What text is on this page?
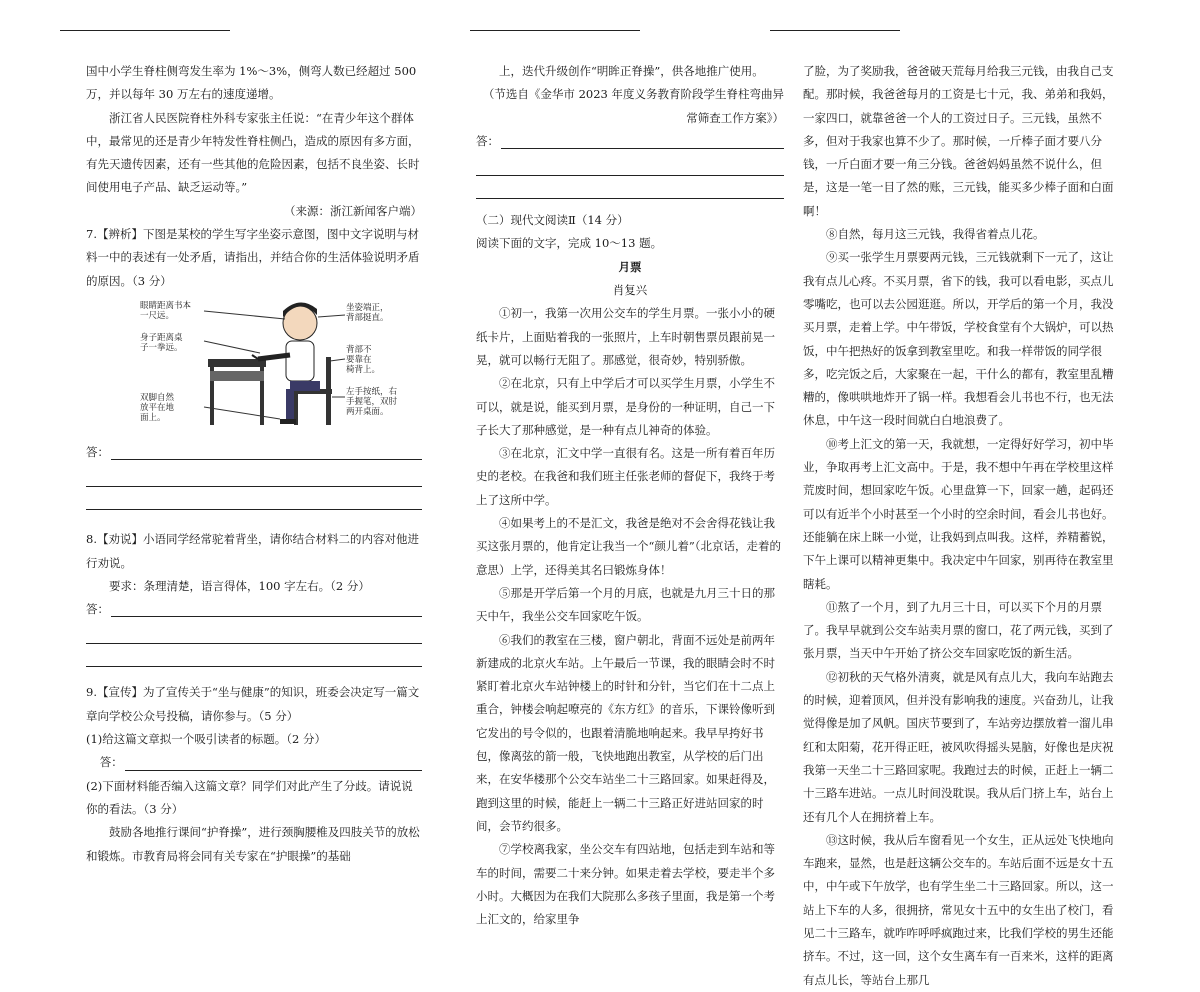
国中小学生脊柱侧弯发生率为 1%～3%，侧弯人数已经超过 500 万，并以每年 30 万左右的速度递增。

浙江省人民医院脊柱外科专家张主任说：“在青少年这个群体中，最常见的还是青少年特发性脊柱侧凸，造成的原因有多方面，有先天遗传因素，还有一些其他的危险因素，包括不良坐姿、长时间使用电子产品、缺乏运动等。”

（来源：浙江新闻客户端）

7.【辨析】下图是某校的学生写字坐姿示意图，图中文字说明与材料一中的表述有一处矛盾，请指出，并结合你的生活体验说明矛盾的原因。（3 分）

眼睛距离书本
一尺远。
身子距离桌
子一拳远。
双脚自然
放平在地
面上。
坐姿端正，
背部挺直。
背部不
要靠在
椅背上。
左手按纸，右
手握笔，双肘
两开桌面。
答：

8.【劝说】小语同学经常驼着背坐，请你结合材料二的内容对他进行劝说。

要求：条理清楚，语言得体，100 字左右。（2 分）

答：

9.【宣传】为了宣传关于“坐与健康”的知识，班委会决定写一篇文章向学校公众号投稿，请你参与。（5 分）

(1)给这篇文章拟一个吸引读者的标题。（2 分）

答：

(2)下面材料能否编入这篇文章？同学们对此产生了分歧。请说说你的看法。（3 分）

鼓励各地推行课间“护脊操”，进行颈胸腰椎及四肢关节的放松和锻炼。市教育局将会同有关专家在“护眼操”的基础

上，迭代升级创作“明眸正脊操”，供各地推广使用。

（节选自《金华市 2023 年度义务教育阶段学生脊柱弯曲异常筛查工作方案》）

答：

（二）现代文阅读Ⅱ（14 分）

阅读下面的文字，完成 10～13 题。

月票

肖复兴

①初一，我第一次用公交车的学生月票。一张小小的硬纸卡片，上面贴着我的一张照片，上车时朝售票员跟前晃一晃，就可以畅行无阻了。那感觉，很奇妙，特别骄傲。

②在北京，只有上中学后才可以买学生月票，小学生不可以，就是说，能买到月票，是身份的一种证明，自己一下子长大了那种感觉，是一种有点儿神奇的体验。

③在北京，汇文中学一直很有名。这是一所有着百年历史的老校。在我爸和我们班主任张老师的督促下，我终于考上了这所中学。

④如果考上的不是汇文，我爸是绝对不会舍得花钱让我买这张月票的，他肯定让我当一个“颜儿着”（北京话，走着的意思）上学，还得美其名曰锻炼身体！

⑤那是开学后第一个月的月底，也就是九月三十日的那天中午，我坐公交车回家吃午饭。

⑥我们的教室在三楼，窗户朝北，背面不远处是前两年新建成的北京火车站。上午最后一节课，我的眼睛会时不时紧盯着北京火车站钟楼上的时针和分针，当它们在十二点上重合，钟楼会响起嘹亮的《东方红》的音乐，下课铃像听到它发出的号令似的，也跟着清脆地响起来。我早早挎好书包，像离弦的箭一般，飞快地跑出教室，从学校的后门出来，在安华楼那个公交车站坐二十三路回家。如果赶得及，跑到这里的时候，能赶上一辆二十三路正好进站回家的时间，会节约很多。

⑦学校离我家，坐公交车有四站地，包括走到车站和等车的时间，需要二十来分钟。如果走着去学校，要走半个多小时。大概因为在我们大院那么多孩子里面，我是第一个考上汇文的，给家里争

了脸，为了奖励我，爸爸破天荒每月给我三元钱，由我自己支配。那时候，我爸爸每月的工资是七十元，我、弟弟和我妈，一家四口，就靠爸爸一个人的工资过日子。三元钱，虽然不多，但对于我家也算不少了。那时候，一斤棒子面才要八分钱，一斤白面才要一角三分钱。爸爸妈妈虽然不说什么，但是，这是一笔一目了然的账，三元钱，能买多少棒子面和白面啊！

⑧自然，每月这三元钱，我得省着点儿花。

⑨买一张学生月票要两元钱，三元钱就剩下一元了，这让我有点儿心疼。不买月票，省下的钱，我可以看电影，买点儿零嘴吃，也可以去公园逛逛。所以，开学后的第一个月，我没买月票，走着上学。中午带饭，学校食堂有个大锅炉，可以热饭，中午把热好的饭拿到教室里吃。和我一样带饭的同学很多，吃完饭之后，大家聚在一起，干什么的都有，教室里乱糟糟的，像哄哄地炸开了锅一样。我想看会儿书也不行，也无法休息，中午这一段时间就白白地浪费了。

⑩考上汇文的第一天，我就想，一定得好好学习，初中毕业，争取再考上汇文高中。于是，我不想中午再在学校里这样荒废时间，想回家吃午饭。心里盘算一下，回家一趟，起码还可以有近半个小时甚至一个小时的空余时间，看会儿书也好。还能躺在床上眯一小觉，让我妈到点叫我。这样，养精蓄锐，下午上课可以精神更集中。我决定中午回家，别再待在教室里瞎耗。

⑪熬了一个月，到了九月三十日，可以买下个月的月票了。我早早就到公交车站卖月票的窗口，花了两元钱，买到了张月票，当天中午开始了挤公交车回家吃饭的新生活。

⑫初秋的天气格外清爽，就是风有点儿大，我向车站跑去的时候，迎着顶风，但并没有影响我的速度。兴奋劲儿，让我觉得像是加了风帆。国庆节要到了，车站旁边摆放着一溜儿串红和太阳菊，花开得正旺，被风吹得摇头晃脑，好像也是庆祝我第一天坐二十三路回家呢。我跑过去的时候，正赶上一辆二十三路车进站。一点儿时间没耽误。我从后门挤上车，站台上还有几个人在拥挤着上车。

⑬这时候，我从后车窗看见一个女生，正从远处飞快地向车跑来，显然，也是赶这辆公交车的。车站后面不远是女十五中，中午或下午放学，也有学生坐二十三路回家。所以，这一站上下车的人多，很拥挤，常见女十五中的女生出了校门，看见二十三路车，就咋咋呼呼疯跑过来，比我们学校的男生还能挤车。不过，这一回，这个女生离车有一百来米，这样的距离有点儿长，等站台上那几
